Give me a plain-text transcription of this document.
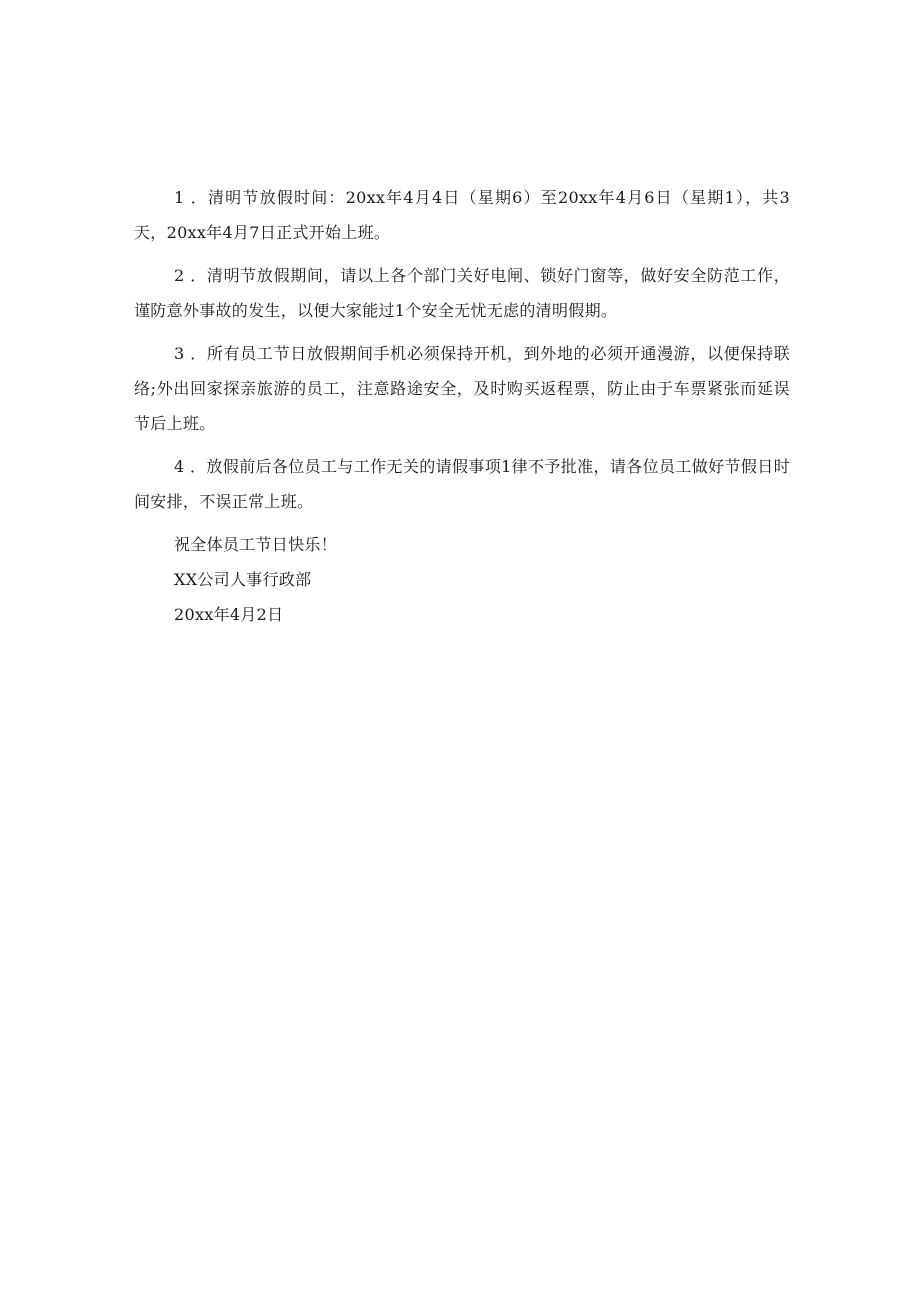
1 ．清明节放假时间：20xx年4月4日（星期6）至20xx年4月6日（星期1），共3天，20xx年4月7日正式开始上班。

2 ．清明节放假期间，请以上各个部门关好电闸、锁好门窗等，做好安全防范工作，谨防意外事故的发生，以便大家能过1个安全无忧无虑的清明假期。

3 ．所有员工节日放假期间手机必须保持开机，到外地的必须开通漫游，以便保持联络;外出回家探亲旅游的员工，注意路途安全，及时购买返程票，防止由于车票紧张而延误节后上班。

4 ．放假前后各位员工与工作无关的请假事项1律不予批准，请各位员工做好节假日时间安排，不误正常上班。

祝全体员工节日快乐！

XX公司人事行政部

20xx年4月2日
